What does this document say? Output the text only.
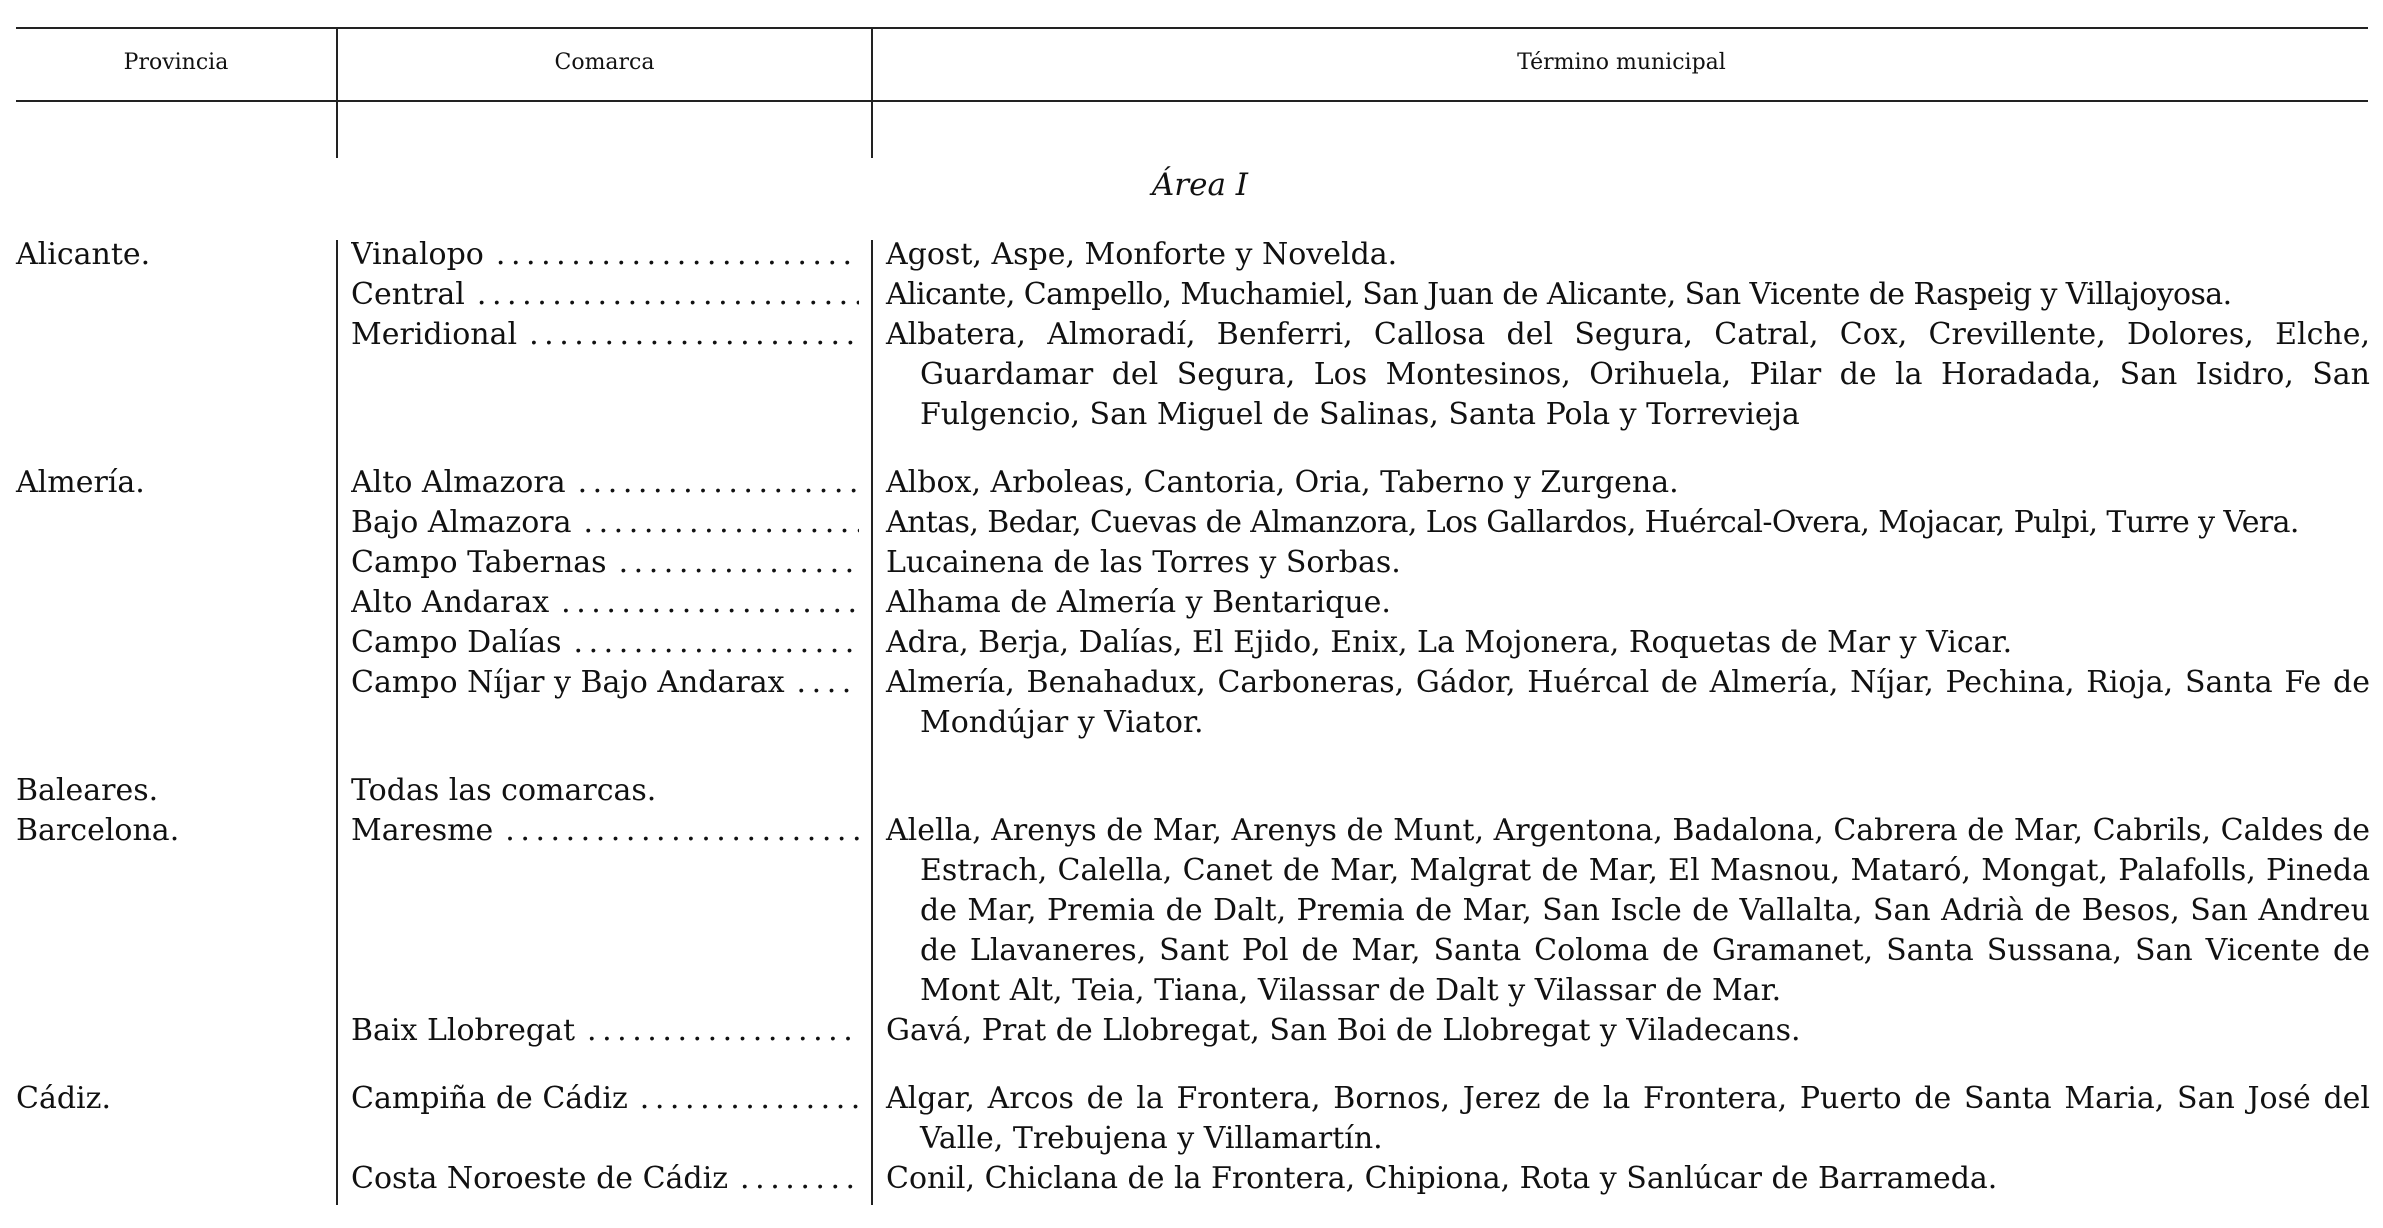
Provincia	Comarca	Término municipal
Área I
Alicante.	Vinalopo . . .	Agost, Aspe, Monforte y Novelda.
Central . . .	Alicante, Campello, Muchamiel, San Juan de Alicante, San Vicente de Raspeig y Villajoyosa.
Meridional . . .	Albatera, Almoradí, Benferri, Callosa del Segura, Catral, Cox, Crevillente, Dolores, Elche, Guardamar del Segura, Los Montesinos, Orihuela, Pilar de la Horadada, San Isidro, San Fulgencio, San Miguel de Salinas, Santa Pola y Torrevieja
Almería.	Alto Almazora . . .	Albox, Arboleas, Cantoria, Oria, Taberno y Zurgena.
Bajo Almazora . . .	Antas, Bedar, Cuevas de Almanzora, Los Gallardos, Huércal-Overa, Mojacar, Pulpi, Turre y Vera.
Campo Tabernas . . .	Lucainena de las Torres y Sorbas.
Alto Andarax . . .	Alhama de Almería y Bentarique.
Campo Dalías . . .	Adra, Berja, Dalías, El Ejido, Enix, La Mojonera, Roquetas de Mar y Vicar.
Campo Níjar y Bajo Andarax . . .	Almería, Benahadux, Carboneras, Gádor, Huércal de Almería, Níjar, Pechina, Rioja, Santa Fe de Mondújar y Viator.
Baleares.	Todas las comarcas.
Barcelona.	Maresme . . .	Alella, Arenys de Mar, Arenys de Munt, Argentona, Badalona, Cabrera de Mar, Cabrils, Caldes de Estrach, Calella, Canet de Mar, Malgrat de Mar, El Masnou, Mataró, Mongat, Palafolls, Pineda de Mar, Premia de Dalt, Premia de Mar, San Iscle de Vallalta, San Adrià de Besos, San Andreu de Llavaneres, Sant Pol de Mar, Santa Coloma de Gramanet, Santa Sussana, San Vicente de Mont Alt, Teia, Tiana, Vilassar de Dalt y Vilassar de Mar.
Baix Llobregat . . .	Gavá, Prat de Llobregat, San Boi de Llobregat y Viladecans.
Cádiz.	Campiña de Cádiz . . .	Algar, Arcos de la Frontera, Bornos, Jerez de la Frontera, Puerto de Santa Maria, San José del Valle, Trebujena y Villamartín.
Costa Noroeste de Cádiz . . .	Conil, Chiclana de la Frontera, Chipiona, Rota y Sanlúcar de Barrameda.
